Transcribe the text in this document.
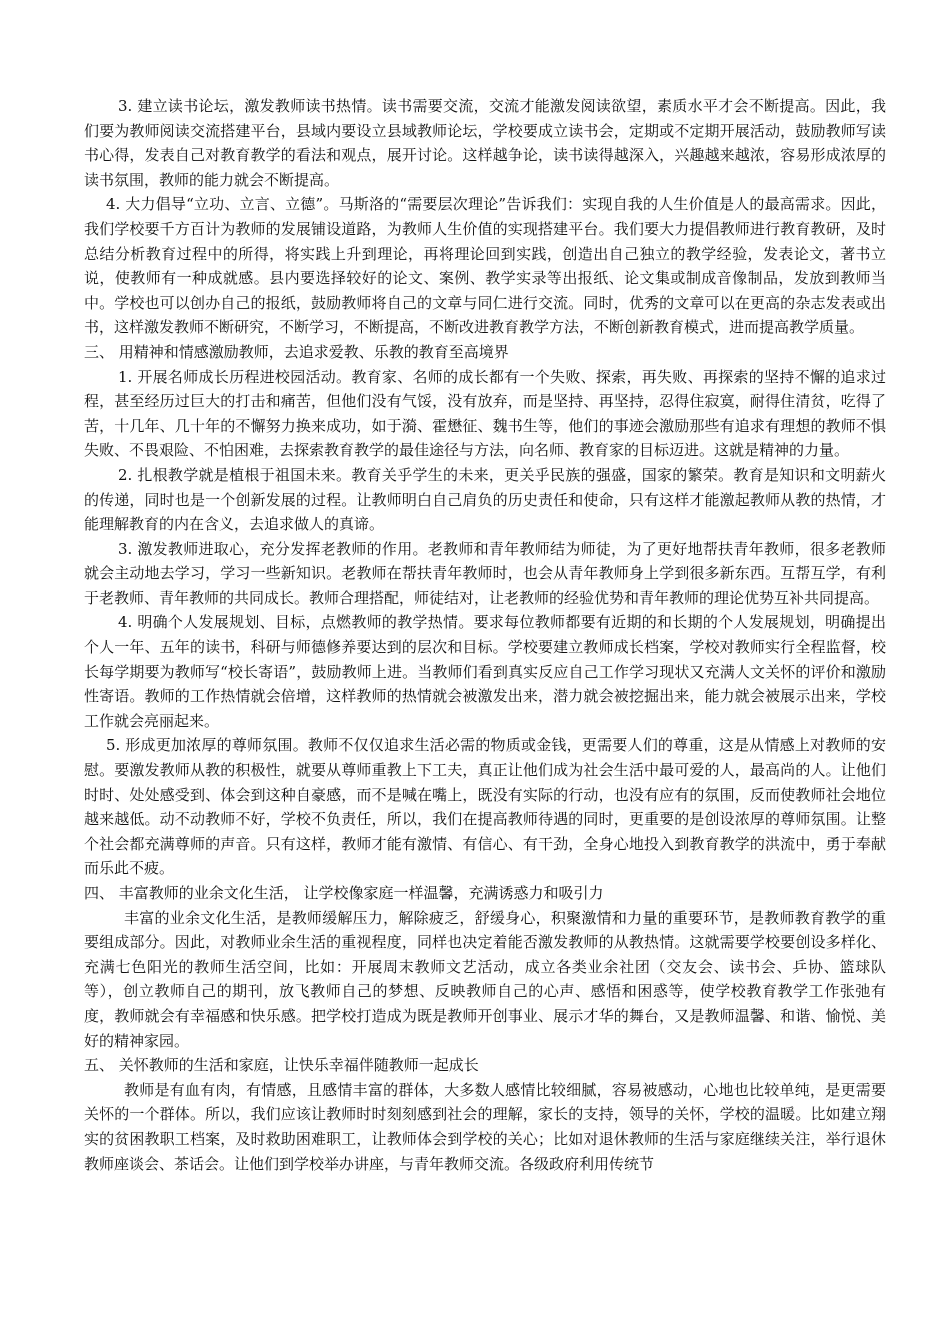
3. 建立读书论坛，激发教师读书热情。读书需要交流，交流才能激发阅读欲望，素质水平才会不断提高。因此，我们要为教师阅读交流搭建平台，县域内要设立县域教师论坛，学校要成立读书会，定期或不定期开展活动，鼓励教师写读书心得，发表自己对教育教学的看法和观点，展开讨论。这样越争论，读书读得越深入，兴趣越来越浓，容易形成浓厚的读书氛围，教师的能力就会不断提高。

4. 大力倡导“立功、立言、立德”。马斯洛的“需要层次理论”告诉我们：实现自我的人生价值是人的最高需求。因此，我们学校要千方百计为教师的发展铺设道路，为教师人生价值的实现搭建平台。我们要大力提倡教师进行教育教研，及时总结分析教育过程中的所得，将实践上升到理论，再将理论回到实践，创造出自己独立的教学经验，发表论文，著书立说，使教师有一种成就感。县内要选择较好的论文、案例、教学实录等出报纸、论文集或制成音像制品，发放到教师当中。学校也可以创办自己的报纸，鼓励教师将自己的文章与同仁进行交流。同时，优秀的文章可以在更高的杂志发表或出书，这样激发教师不断研究，不断学习，不断提高，不断改进教育教学方法，不断创新教育模式，进而提高教学质量。

三、 用精神和情感激励教师，去追求爱教、乐教的教育至高境界

1. 开展名师成长历程进校园活动。教育家、名师的成长都有一个失败、探索，再失败、再探索的坚持不懈的追求过程，甚至经历过巨大的打击和痛苦，但他们没有气馁，没有放弃，而是坚持、再坚持，忍得住寂寞，耐得住清贫，吃得了苦，十几年、几十年的不懈努力换来成功，如于漪、霍懋征、魏书生等，他们的事迹会激励那些有追求有理想的教师不惧失败、不畏艰险、不怕困难，去探索教育教学的最佳途径与方法，向名师、教育家的目标迈进。这就是精神的力量。

2. 扎根教学就是植根于祖国未来。教育关乎学生的未来，更关乎民族的强盛，国家的繁荣。教育是知识和文明薪火的传递，同时也是一个创新发展的过程。让教师明白自己肩负的历史责任和使命，只有这样才能激起教师从教的热情，才能理解教育的内在含义，去追求做人的真谛。

3. 激发教师进取心，充分发挥老教师的作用。老教师和青年教师结为师徒，为了更好地帮扶青年教师，很多老教师就会主动地去学习，学习一些新知识。老教师在帮扶青年教师时，也会从青年教师身上学到很多新东西。互帮互学，有利于老教师、青年教师的共同成长。教师合理搭配，师徒结对，让老教师的经验优势和青年教师的理论优势互补共同提高。

4. 明确个人发展规划、目标，点燃教师的教学热情。要求每位教师都要有近期的和长期的个人发展规划，明确提出个人一年、五年的读书，科研与师德修养要达到的层次和目标。学校要建立教师成长档案，学校对教师实行全程监督，校长每学期要为教师写“校长寄语”，鼓励教师上进。当教师们看到真实反应自己工作学习现状又充满人文关怀的评价和激励性寄语。教师的工作热情就会倍增，这样教师的热情就会被激发出来，潜力就会被挖掘出来，能力就会被展示出来，学校工作就会亮丽起来。

5. 形成更加浓厚的尊师氛围。教师不仅仅追求生活必需的物质或金钱，更需要人们的尊重，这是从情感上对教师的安慰。要激发教师从教的积极性，就要从尊师重教上下工夫，真正让他们成为社会生活中最可爱的人，最高尚的人。让他们时时、处处感受到、体会到这种自豪感，而不是喊在嘴上，既没有实际的行动，也没有应有的氛围，反而使教师社会地位越来越低。动不动教师不好，学校不负责任，所以，我们在提高教师待遇的同时，更重要的是创设浓厚的尊师氛围。让整个社会都充满尊师的声音。只有这样，教师才能有激情、有信心、有干劲，全身心地投入到教育教学的洪流中，勇于奉献而乐此不疲。

四、 丰富教师的业余文化生活， 让学校像家庭一样温馨，充满诱惑力和吸引力

丰富的业余文化生活，是教师缓解压力，解除疲乏，舒缓身心，积聚激情和力量的重要环节，是教师教育教学的重要组成部分。因此，对教师业余生活的重视程度，同样也决定着能否激发教师的从教热情。这就需要学校要创设多样化、充满七色阳光的教师生活空间，比如：开展周末教师文艺活动，成立各类业余社团（交友会、读书会、乒协、篮球队等），创立教师自己的期刊，放飞教师自己的梦想、反映教师自己的心声、感悟和困惑等，使学校教育教学工作张弛有度，教师就会有幸福感和快乐感。把学校打造成为既是教师开创事业、展示才华的舞台，又是教师温馨、和谐、愉悦、美好的精神家园。

五、 关怀教师的生活和家庭，让快乐幸福伴随教师一起成长

教师是有血有肉，有情感，且感情丰富的群体，大多数人感情比较细腻，容易被感动，心地也比较单纯，是更需要关怀的一个群体。所以，我们应该让教师时时刻刻感到社会的理解，家长的支持，领导的关怀，学校的温暖。比如建立翔实的贫困教职工档案，及时救助困难职工，让教师体会到学校的关心；比如对退休教师的生活与家庭继续关注，举行退休教师座谈会、茶话会。让他们到学校举办讲座，与青年教师交流。各级政府利用传统节
